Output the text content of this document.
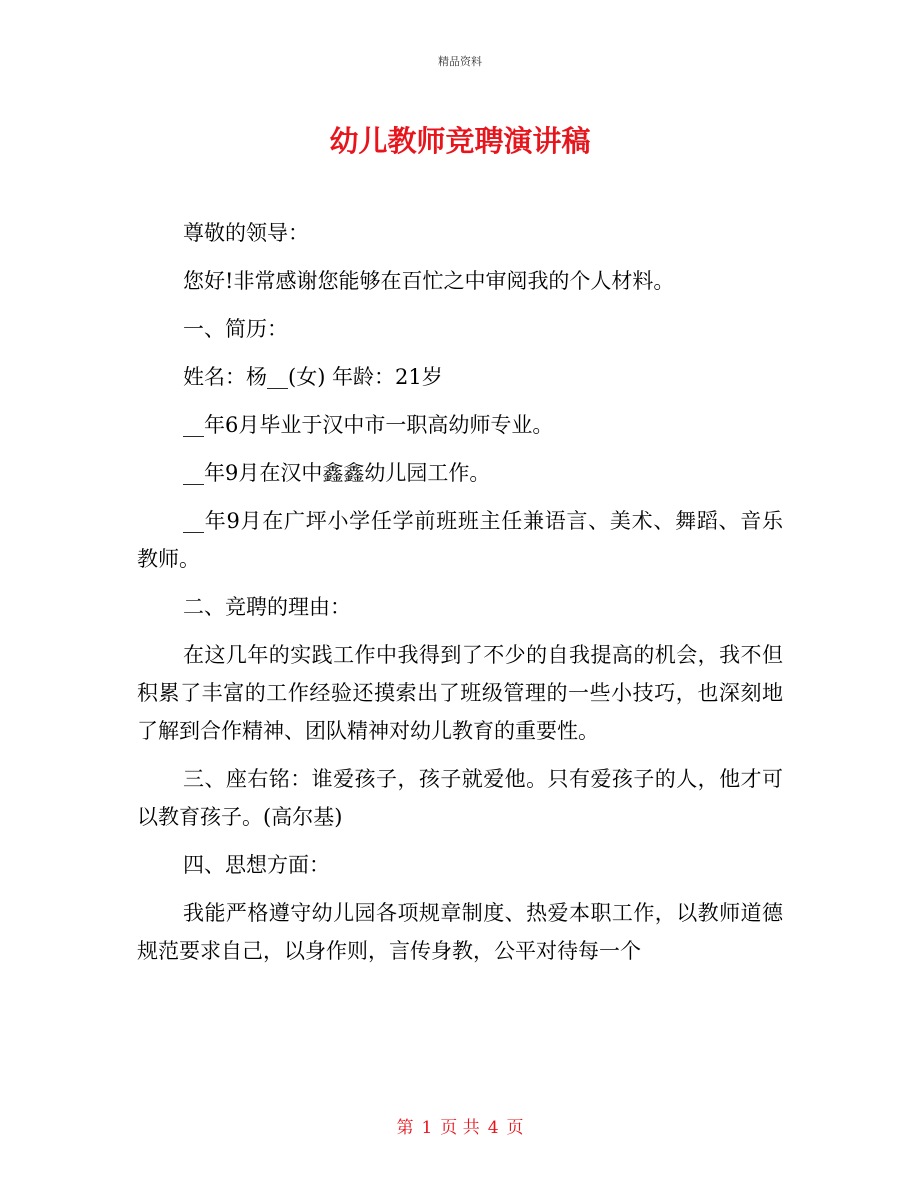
精品资料
幼儿教师竞聘演讲稿

尊敬的领导：

您好!非常感谢您能够在百忙之中审阅我的个人材料。

一、简历：

姓名：杨__(女) 年龄：21岁

__年6月毕业于汉中市一职高幼师专业。

__年9月在汉中鑫鑫幼儿园工作。

__年9月在广坪小学任学前班班主任兼语言、美术、舞蹈、音乐教师。

二、竞聘的理由：

在这几年的实践工作中我得到了不少的自我提高的机会，我不但积累了丰富的工作经验还摸索出了班级管理的一些小技巧，也深刻地了解到合作精神、团队精神对幼儿教育的重要性。

三、座右铭：谁爱孩子，孩子就爱他。只有爱孩子的人，他才可以教育孩子。(高尔基)

四、思想方面：

我能严格遵守幼儿园各项规章制度、热爱本职工作，以教师道德规范要求自己，以身作则，言传身教，公平对待每一个

第 1 页 共 4 页
